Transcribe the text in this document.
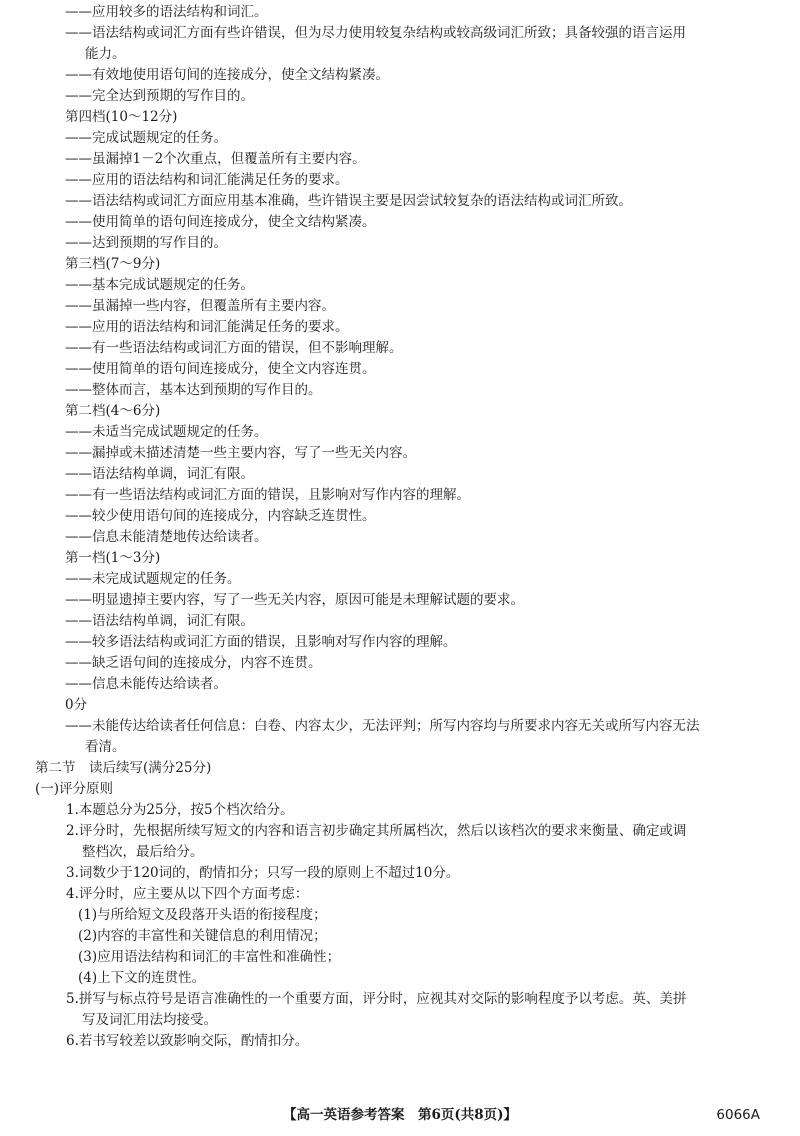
——应用较多的语法结构和词汇。
——语法结构或词汇方面有些许错误，但为尽力使用较复杂结构或较高级词汇所致；具备较强的语言运用
能力。
——有效地使用语句间的连接成分，使全文结构紧凑。
——完全达到预期的写作目的。
第四档(10～12分)
——完成试题规定的任务。
——虽漏掉1－2个次重点，但覆盖所有主要内容。
——应用的语法结构和词汇能满足任务的要求。
——语法结构或词汇方面应用基本准确，些许错误主要是因尝试较复杂的语法结构或词汇所致。
——使用简单的语句间连接成分，使全文结构紧凑。
——达到预期的写作目的。
第三档(7～9分)
——基本完成试题规定的任务。
——虽漏掉一些内容，但覆盖所有主要内容。
——应用的语法结构和词汇能满足任务的要求。
——有一些语法结构或词汇方面的错误，但不影响理解。
——使用简单的语句间连接成分，使全文内容连贯。
——整体而言，基本达到预期的写作目的。
第二档(4～6分)
——未适当完成试题规定的任务。
——漏掉或未描述清楚一些主要内容，写了一些无关内容。
——语法结构单调，词汇有限。
——有一些语法结构或词汇方面的错误，且影响对写作内容的理解。
——较少使用语句间的连接成分，内容缺乏连贯性。
——信息未能清楚地传达给读者。
第一档(1～3分)
——未完成试题规定的任务。
——明显遗掉主要内容，写了一些无关内容，原因可能是未理解试题的要求。
——语法结构单调，词汇有限。
——较多语法结构或词汇方面的错误，且影响对写作内容的理解。
——缺乏语句间的连接成分，内容不连贯。
——信息未能传达给读者。
0分
——未能传达给读者任何信息：白卷、内容太少，无法评判；所写内容均与所要求内容无关或所写内容无法
看清。
第二节　读后续写(满分25分)
(一)评分原则
1.本题总分为25分，按5个档次给分。
2.评分时，先根据所续写短文的内容和语言初步确定其所属档次，然后以该档次的要求来衡量、确定或调
整档次，最后给分。
3.词数少于120词的，酌情扣分；只写一段的原则上不超过10分。
4.评分时，应主要从以下四个方面考虑：
(1)与所给短文及段落开头语的衔接程度；
(2)内容的丰富性和关键信息的利用情况；
(3)应用语法结构和词汇的丰富性和准确性；
(4)上下文的连贯性。
5.拼写与标点符号是语言准确性的一个重要方面，评分时，应视其对交际的影响程度予以考虑。英、美拼
写及词汇用法均接受。
6.若书写较差以致影响交际，酌情扣分。
【高一英语参考答案　第6页(共8页)】	6066A
